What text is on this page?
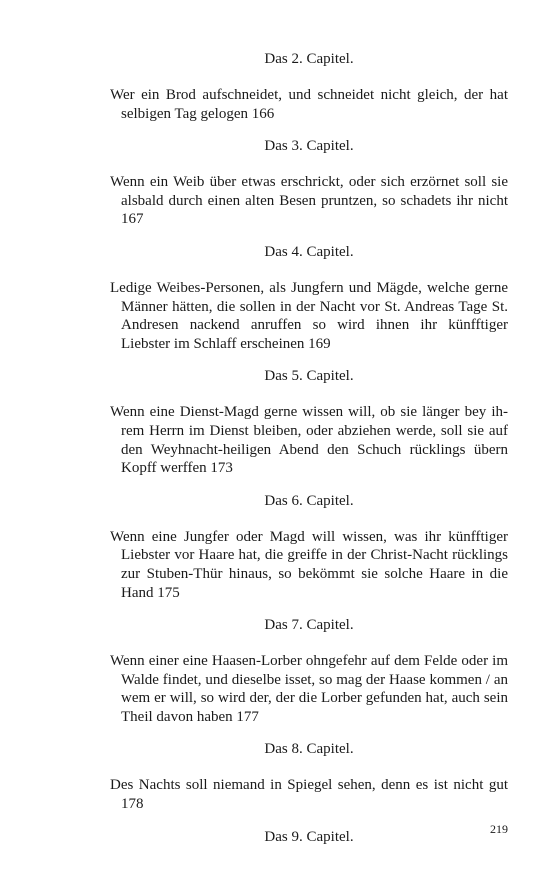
Das 2. Capitel.
Wer ein Brod aufschneidet, und schneidet nicht gleich, der hat selbigen Tag gelogen 166
Das 3. Capitel.
Wenn ein Weib über etwas erschrickt, oder sich erzörnet soll sie alsbald durch einen alten Besen pruntzen, so schadets ihr nicht 167
Das 4. Capitel.
Ledige Weibes-Personen, als Jungfern und Mägde, welche gerne Männer hätten, die sollen in der Nacht vor St. Andreas Tage St. Andresen nackend anruffen so wird ihnen ihr künfftiger Liebster im Schlaff erscheinen 169
Das 5. Capitel.
Wenn eine Dienst-Magd gerne wissen will, ob sie länger bey ihrem Herrn im Dienst bleiben, oder abziehen werde, soll sie auf den Weyhnacht-heiligen Abend den Schuch rücklings übern Kopff werffen 173
Das 6. Capitel.
Wenn eine Jungfer oder Magd will wissen, was ihr künfftiger Liebster vor Haare hat, die greiffe in der Christ-Nacht rücklings zur Stuben-Thür hinaus, so bekömmt sie solche Haare in die Hand 175
Das 7. Capitel.
Wenn einer eine Haasen-Lorber ohngefehr auf dem Felde oder im Walde findet, und dieselbe isset, so mag der Haase kommen / an wem er will, so wird der, der die Lorber gefunden hat, auch sein Theil davon haben 177
Das 8. Capitel.
Des Nachts soll niemand in Spiegel sehen, denn es ist nicht gut 178
Das 9. Capitel.	219
